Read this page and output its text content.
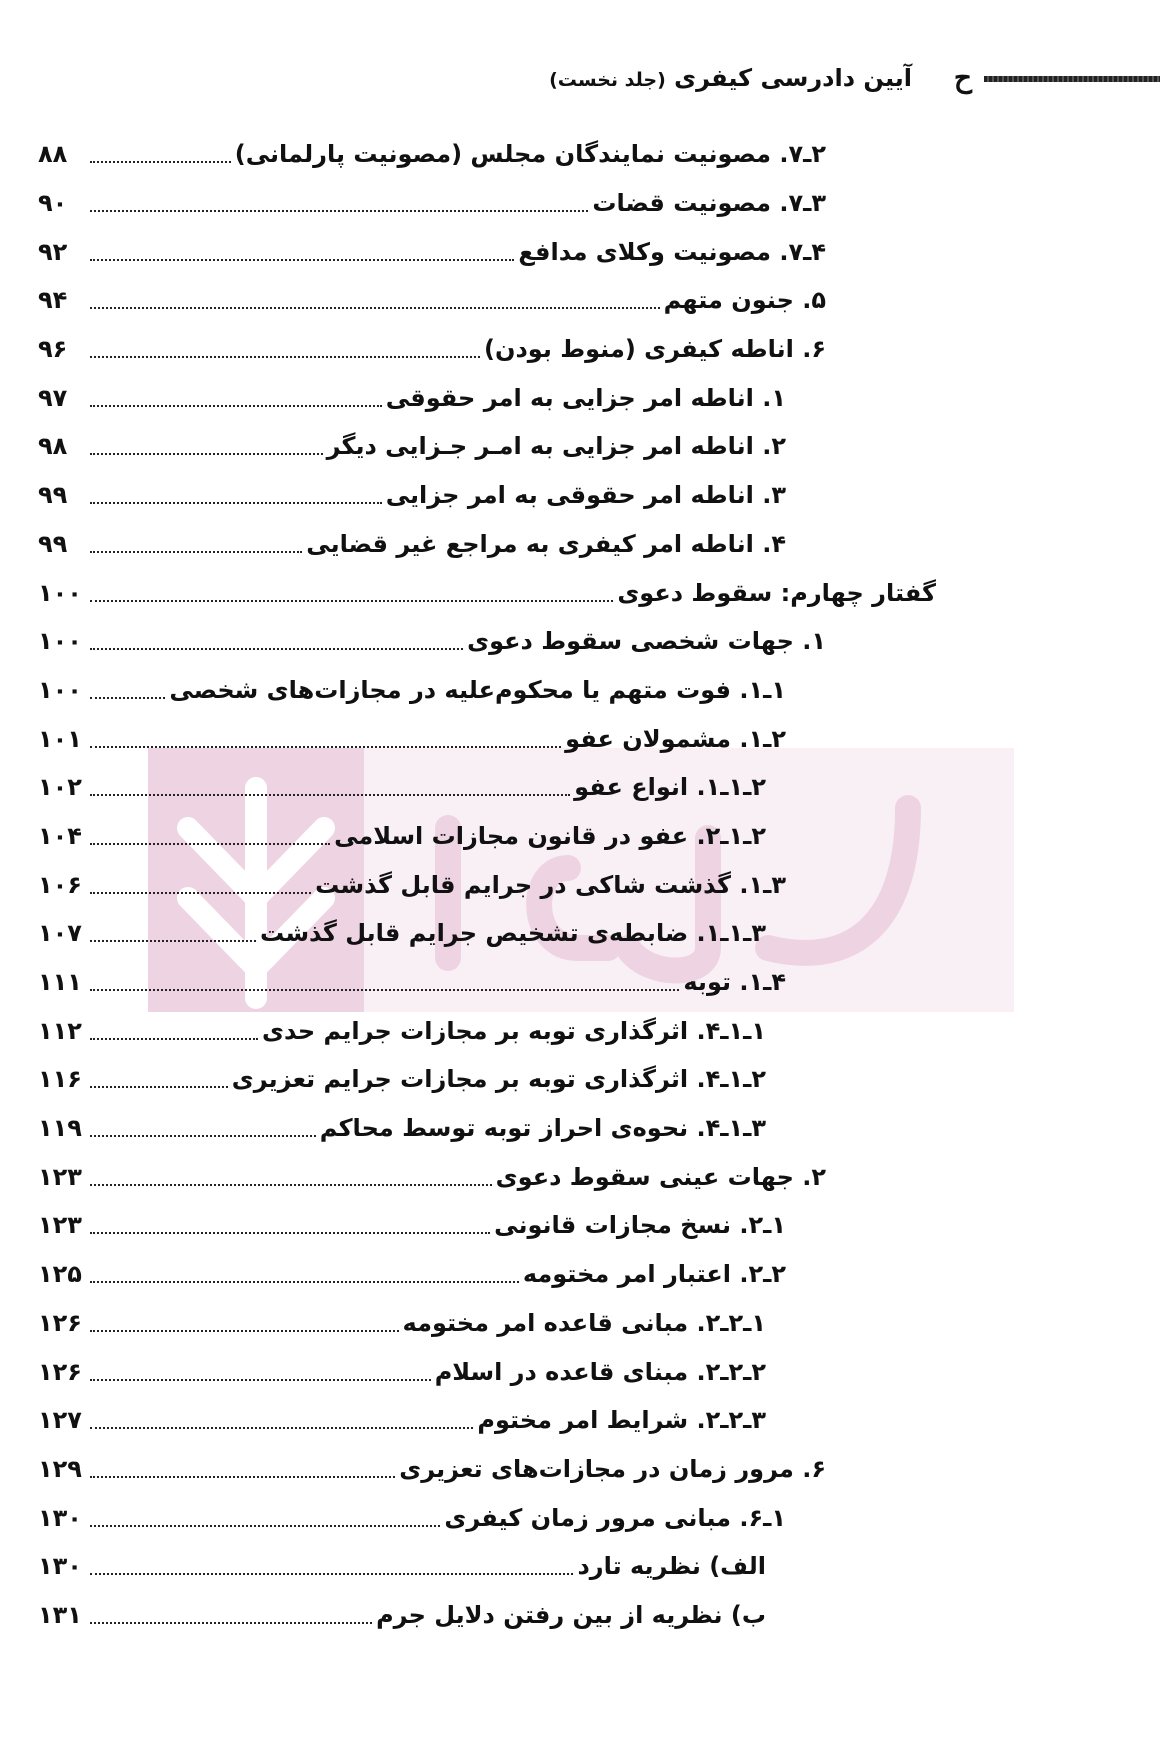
ح
آیین دادرسی کیفری (جلد نخست)
۲ـ۷. مصونیت نمایندگان مجلس (مصونیت پارلمانی)
۸۸
۳ـ۷. مصونیت قضات
۹۰
۴ـ۷. مصونیت وکلای مدافع
۹۲
۵. جنون متهم
۹۴
۶. اناطه کیفری (منوط بودن)
۹۶
۱. اناطه امر جزایی به امر حقوقی
۹۷
۲. اناطه امر جزایی به امـر جـزایی دیگر
۹۸
۳. اناطه امر حقوقی به امر جزایی
۹۹
۴. اناطه امر کیفری به مراجع غیر قضایی
۹۹
گفتار چهارم: سقوط دعوی
۱۰۰
۱. جهات شخصی سقوط دعوی
۱۰۰
۱ـ۱. فوت متهم یا محکوم‌علیه در مجازات‌های شخصی
۱۰۰
۲ـ۱. مشمولان عفو
۱۰۱
۲ـ۱ـ۱. انواع عفو
۱۰۲
۲ـ۱ـ۲. عفو در قانون مجازات اسلامی
۱۰۴
۳ـ۱. گذشت شاکی در جرایم قابل گذشت
۱۰۶
۳ـ۱ـ۱. ضابطه‌ی تشخیص جرایم قابل گذشت
۱۰۷
۴ـ۱. توبه
۱۱۱
۱ـ۱ـ۴. اثرگذاری توبه بر مجازات جرایم حدی
۱۱۲
۲ـ۱ـ۴. اثرگذاری توبه بر مجازات جرایم تعزیری
۱۱۶
۳ـ۱ـ۴. نحوه‌ی احراز توبه توسط محاکم
۱۱۹
۲. جهات عینی سقوط دعوی
۱۲۳
۱ـ۲. نسخ مجازات قانونی
۱۲۳
۲ـ۲. اعتبار امر مختومه
۱۲۵
۱ـ۲ـ۲. مبانی قاعده امر مختومه
۱۲۶
۲ـ۲ـ۲. مبنای قاعده در اسلام
۱۲۶
۳ـ۲ـ۲. شرایط امر مختوم
۱۲۷
۶. مرور زمان در مجازات‌های تعزیری
۱۲۹
۱ـ۶. مبانی مرور زمان کیفری
۱۳۰
الف) نظریه تارد
۱۳۰
ب) نظریه از بین رفتن دلایل جرم
۱۳۱
